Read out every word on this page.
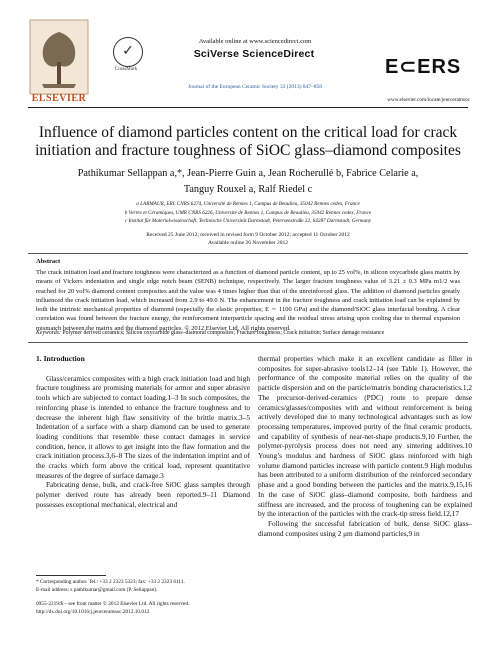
ELSEVIER
✓
CrossMark
Available online at www.sciencedirect.com
SciVerse ScienceDirect
Journal of the European Ceramic Society 33 (2013) 847–858
E⊂ERS
www.elsevier.com/locate/jeurceramsoc
Influence of diamond particles content on the critical load for crack initiation and fracture toughness of SiOC glass–diamond composites
Pathikumar Sellappan a,*, Jean-Pierre Guin a, Jean Rocherullé b, Fabrice Celarie a,
Tanguy Rouxel a, Ralf Riedel c
a LARMAUR, ERL CNRS 6274, Université de Rennes 1, Campus de Beaulieu, 35042 Rennes cedex, France
b Verres et Céramiques, UMR CNRS 6226, Université de Rennes 1, Campus de Beaulieu, 35042 Rennes cedex, France
c Institut für Materialwissenschaft, Technische Universität Darmstadt, Petersenstraße 32, 64287 Darmstadt, Germany
Received 25 June 2012; received in revised form 9 October 2012; accepted 11 October 2012
Available online 26 November 2012
Abstract
The crack initiation load and fracture toughness were characterized as a function of diamond particle content, up to 25 vol%, in silicon oxycarbide glass matrix by means of Vickers indentation and single edge notch beam (SENB) technique, respectively. The larger fracture toughness value of 3.21 ± 0.3 MPa m1/2 was reached for 20 vol% diamond content composites and the value was 4 times higher than that of the unreinforced glass. The addition of diamond particles greatly influenced the crack initiation load, which increased from 2.9 to 49.0 N. The enhancement in the fracture toughness and crack initiation load can be explained by both the intrinsic mechanical properties of diamond (especially the elastic properties; E ∼ 1100 GPa) and the diamond/SiOC glass interfacial bonding. A clear correlation was found between the fracture energy, the reinforcement interparticle spacing and the residual stress arising upon cooling due to thermal expansion mismatch between the matrix and the diamond particles. © 2012 Elsevier Ltd. All rights reserved.
Keywords: Polymer derived ceramics; Silicon oxycarbide glass–diamond composites; Fracture toughness; Crack initiation; Surface damage resistance
1. Introduction

Glass/ceramics composites with a high crack initiation load and high fracture toughness are promising materials for armor and super abrasive tools which are subjected to contact loading.1–3 In such composites, the reinforcing phase is intended to enhance the fracture toughness and to decrease the inherent high flaw sensitivity of the brittle matrix.3–5 Indentation of a surface with a sharp diamond can be used to generate loading conditions that resemble these contact damages in service condition, hence, it allows to get insight into the flaw formation and the crack initiation process.3,6–8 The sizes of the indentation imprint and of the cracks which form above the critical load, represent quantitative measures of the degree of surface damage.3

Fabricating dense, bulk, and crack-free SiOC glass samples through polymer derived route has already been reported.9–11 Diamond possesses exceptional mechanical, electrical and

thermal properties which make it an excellent candidate as filler in composites for super-abrasive tools12–14 (see Table 1). However, the performance of the composite material relies on the quality of the particle dispersion and on the particle/matrix bonding characteristics.1,2 The precursor-derived-ceramics (PDC) route to prepare dense ceramics/glasses/composites with and without reinforcement is being actively developed due to many technological advantages such as low processing temperatures, improved purity of the final ceramic products, and capability of synthesis of near-net-shape products.9,10 Further, the polymer-pyrolysis process does not need any sintering additives.10 Young’s modulus and hardness of SiOC glass reinforced with high volume diamond particles increase with particle content.9 High modulus has been attributed to a uniform distribution of the reinforced secondary phase and a good bonding between the particles and the matrix.9,15,16 In the case of SiOC glass–diamond composite, both hardness and stiffness are increased, and the process of toughening can be explained by the interaction of the particles with the crack-tip stress field.12,17

Following the successful fabrication of bulk, dense SiOC glass–diamond composites using 2 μm diamond particles,9 in

* Corresponding author. Tel.: +33 2 2323 5323; fax: +33 2 2323 6111.
E-mail address: s pathikumar@gmail.com (P. Sellappan).
0955-2219/$ – see front matter © 2012 Elsevier Ltd. All rights reserved.
http://dx.doi.org/10.1016/j.jeurceramsoc.2012.10.012
